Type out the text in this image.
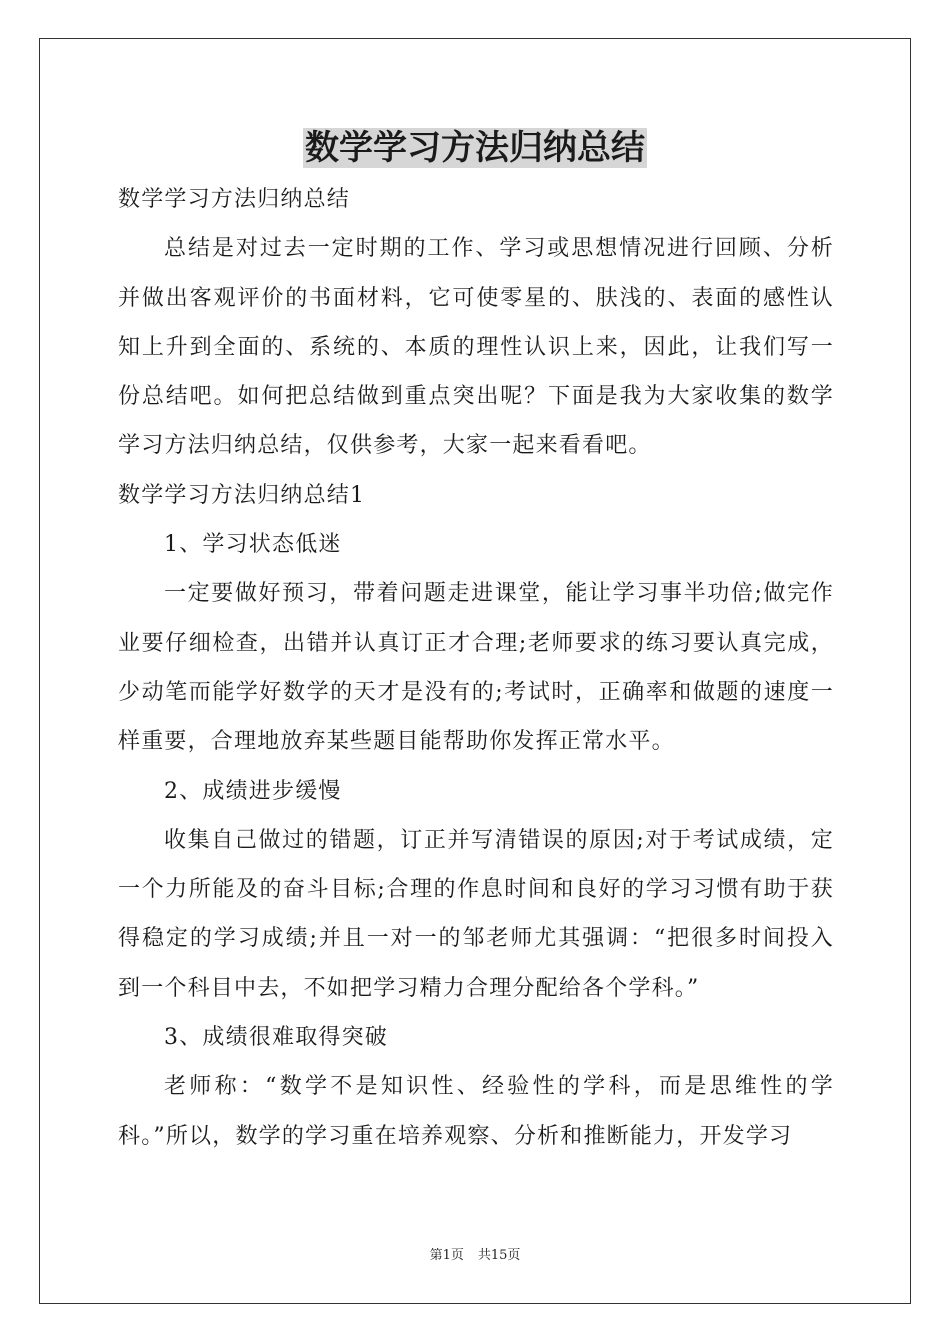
数学学习方法归纳总结

数学学习方法归纳总结

总结是对过去一定时期的工作、学习或思想情况进行回顾、分析并做出客观评价的书面材料，它可使零星的、肤浅的、表面的感性认知上升到全面的、系统的、本质的理性认识上来，因此，让我们写一份总结吧。如何把总结做到重点突出呢？下面是我为大家收集的数学学习方法归纳总结，仅供参考，大家一起来看看吧。

数学学习方法归纳总结1

1、学习状态低迷

一定要做好预习，带着问题走进课堂，能让学习事半功倍;做完作业要仔细检查，出错并认真订正才合理;老师要求的练习要认真完成，少动笔而能学好数学的天才是没有的;考试时，正确率和做题的速度一样重要，合理地放弃某些题目能帮助你发挥正常水平。

2、成绩进步缓慢

收集自己做过的错题，订正并写清错误的原因;对于考试成绩，定一个力所能及的奋斗目标;合理的作息时间和良好的学习习惯有助于获得稳定的学习成绩;并且一对一的邹老师尤其强调：“把很多时间投入到一个科目中去，不如把学习精力合理分配给各个学科。”

3、成绩很难取得突破

老师称：“数学不是知识性、经验性的学科，而是思维性的学科。”所以，数学的学习重在培养观察、分析和推断能力，开发学习

第1页 共15页
